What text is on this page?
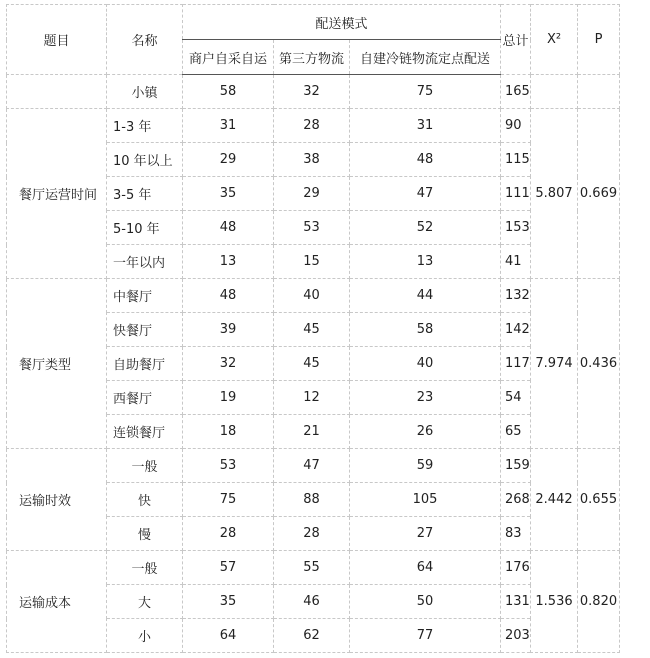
题目	名称	配送模式			总计	X²	P
		商户自采自运	第三方物流	自建冷链物流定点配送			
	小镇	58	32	75	165		
餐厅运营时间	1-3 年	31	28	31	90	5.807	0.669
	10 年以上	29	38	48	115		
	3-5 年	35	29	47	111		
	5-10 年	48	53	52	153		
	一年以内	13	15	13	41		
餐厅类型	中餐厅	48	40	44	132	7.974	0.436
	快餐厅	39	45	58	142		
	自助餐厅	32	45	40	117		
	西餐厅	19	12	23	54		
	连锁餐厅	18	21	26	65		
运输时效	一般	53	47	59	159	2.442	0.655
	快	75	88	105	268		
	慢	28	28	27	83		
运输成本	一般	57	55	64	176	1.536	0.820
	大	35	46	50	131		
	小	64	62	77	203		
